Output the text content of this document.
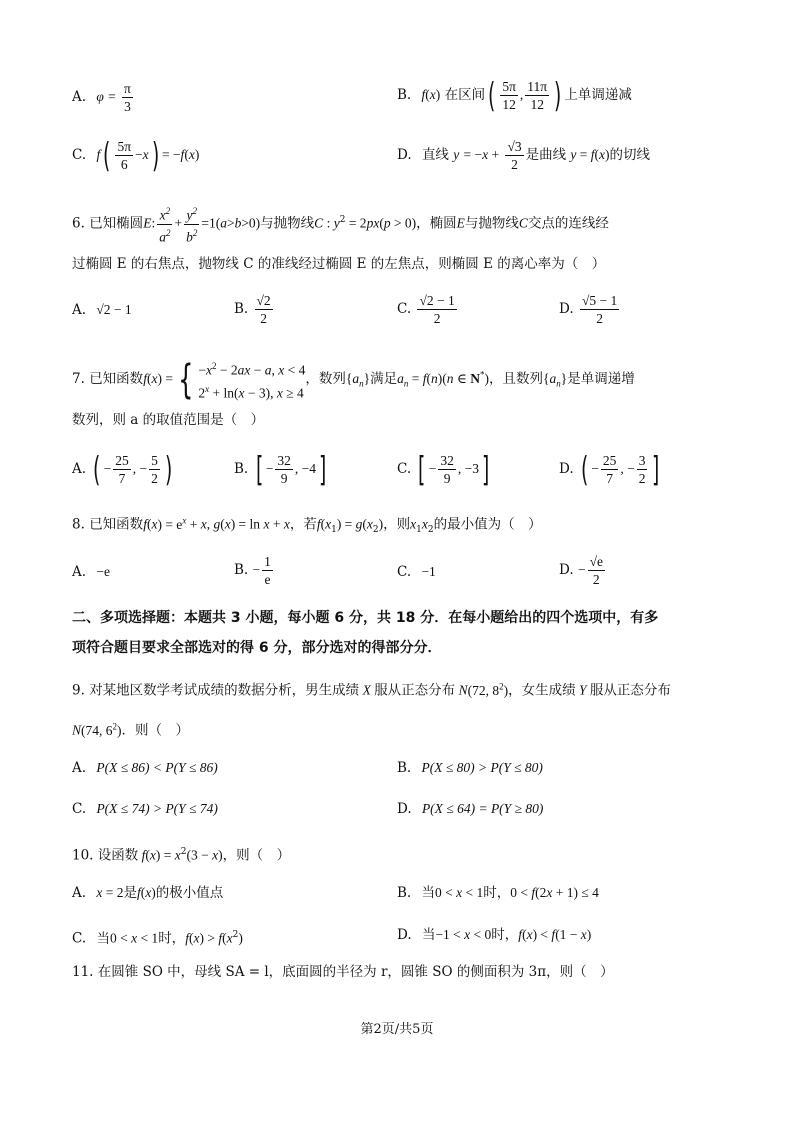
A. $\varphi = \frac{\pi}{3}$	B. f(x) 在区间( $\frac{5\pi}{12}$ , $\frac{11\pi}{12}$ ) 上单调递减
C. $f( \frac{5\pi}{6} -x) = -f(x)$	D. 直线 $y = -x + \frac{√3}{2}$ 是曲线 y = f(x)的切线
6. 已知椭圆E: $\frac{x^2}{a^2} + \frac{y^2}{b^2} =1(a>b>0)$与抛物线C : $y^2 = 2px(p > 0)$，椭圆E与抛物线C交点的连线经
过椭圆 E 的右焦点，抛物线 C 的准线经过椭圆 E 的左焦点，则椭圆 E 的离心率为（　）
A. √2 − 1	B. $\frac{√2}{2}$	C. $\frac{√2 - 1}{2}$	D. $\frac{√5 - 1}{2}$
7. 已知函数f(x) = { $-x^2 - 2ax - a$, x < 4
$2^x + \ln(x - 3)$, x ≥ 4
，数列$\{a_n\}$满足$a_n = f(n)(n$ ∈ N*)，且数列$\{a_n\}$是单调递增
数列，则 a 的取值范围是（　）
A. ( − $\frac{25}{7}$ , − $\frac{5}{2}$ )	B. [ − $\frac{32}{9}$ , −4]	C. [ − $\frac{32}{9}$ , −3]	D. ( − $\frac{25}{7}$ , − $\frac{3}{2}$ ]
8. 已知函数$f(x) = e^x + x$, g(x) = ln x + x，若$f(x_1) = g(x_2)$，则$x_1x_2$的最小值为（　）
A. −e	B. − $\frac{1}{e}$	C. −1	D. − $\frac{√e}{2}$
二、多项选择题：本题共 3 小题，每小题 6 分，共 18 分．在每小题给出的四个选项中，有多
项符合题目要求全部选对的得 6 分，部分选对的得部分分．
9. 对某地区数学考试成绩的数据分析，男生成绩 X 服从正态分布 N(72, $8^2$)，女生成绩 Y 服从正态分布
N(74, $6^2$)．则（　）
A. P(X ≤ 86) < P(Y ≤ 86)	B. P(X ≤ 80) > P(Y ≤ 80)
C. P(X ≤ 74) > P(Y ≤ 74)	D. P(X ≤ 64) = P(Y ≥ 80)
10. 设函数 $f(x) = x^2(3 - x)$，则（　）
A. x = 2是f(x)的极小值点	B. 当0 < x < 1时，0 < f(2x + 1) ≤ 4
C. 当0 < x < 1时，$f(x) > f(x^2)$	D. 当−1 < x < 0时，f(x) < f(1 − x)
11. 在圆锥 SO 中，母线 SA = l，底面圆的半径为 r，圆锥 SO 的侧面积为 3π，则（　）
第2页/共5页
